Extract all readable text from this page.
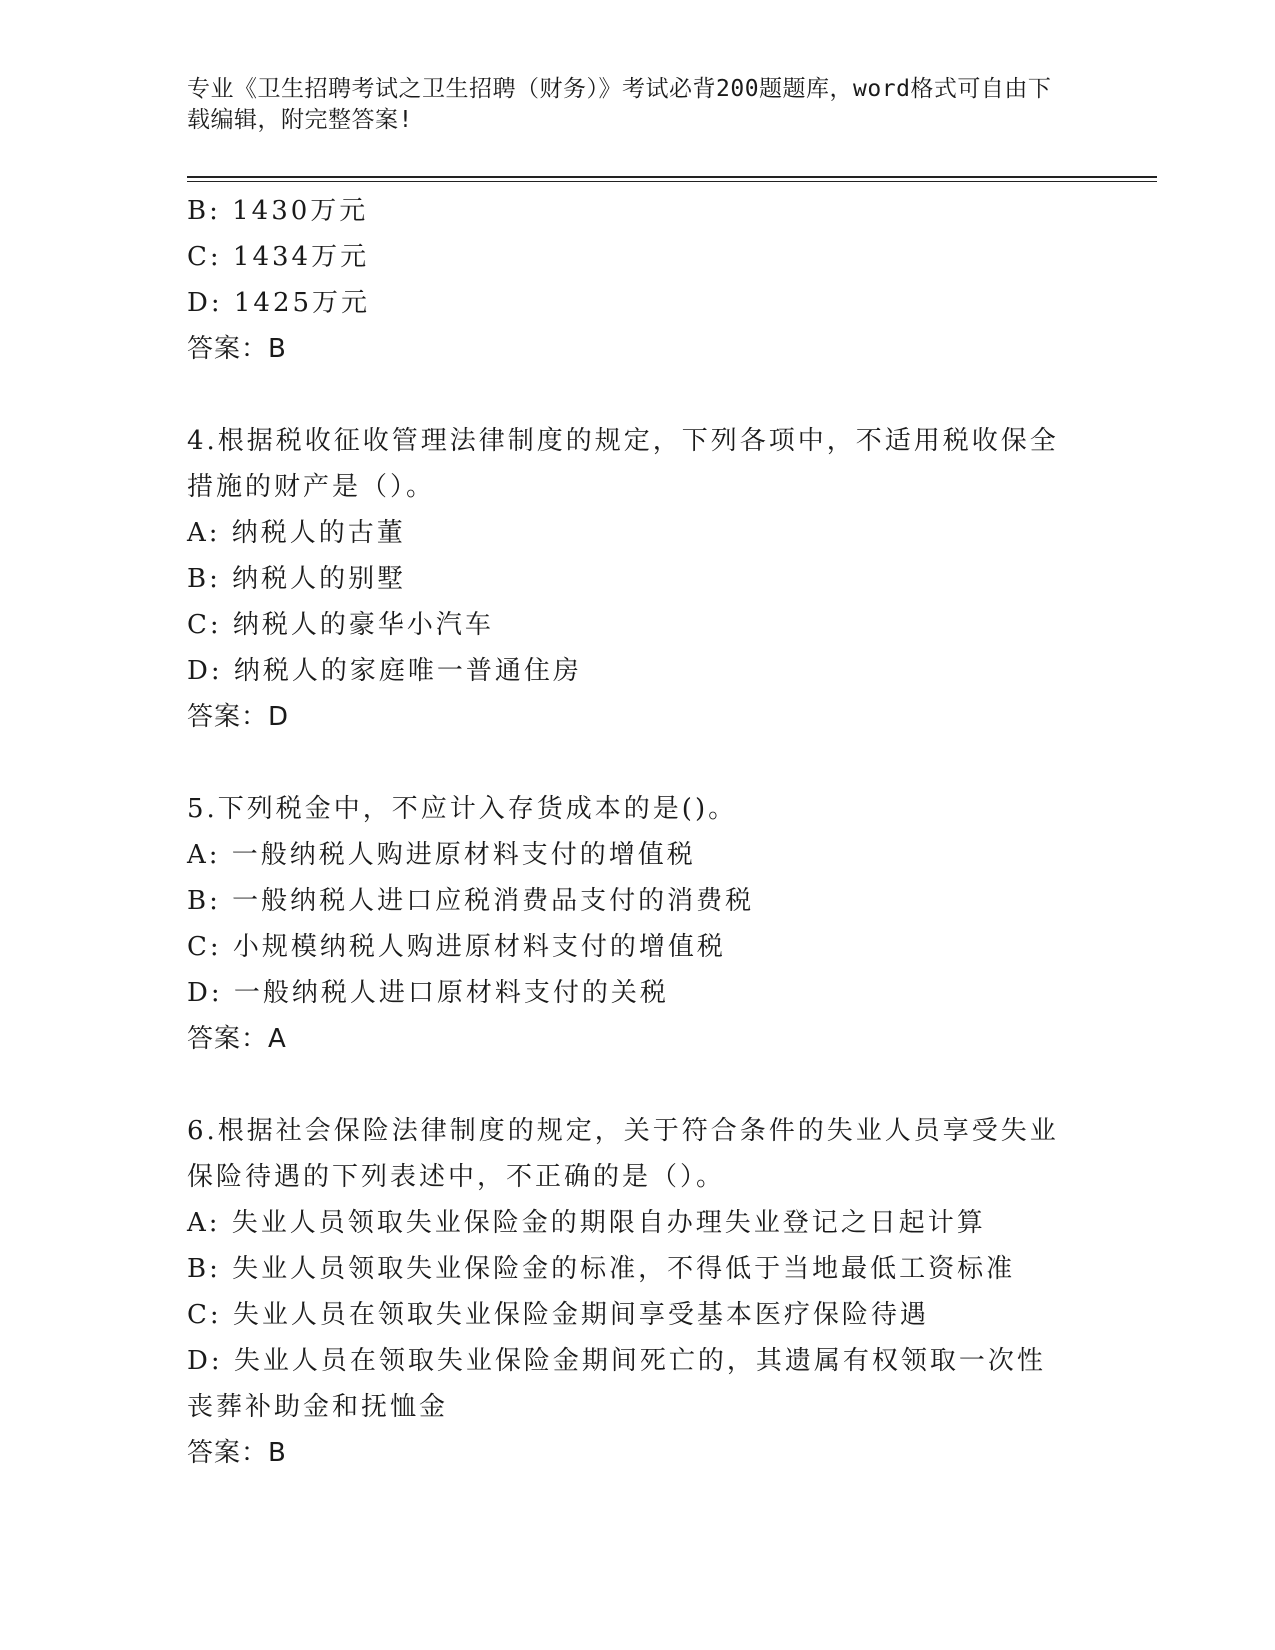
专业《卫生招聘考试之卫生招聘（财务）》考试必背200题题库，word格式可自由下载编辑，附完整答案!
B: 1430万元
C: 1434万元
D: 1425万元
答案：B
4.根据税收征收管理法律制度的规定，下列各项中，不适用税收保全措施的财产是（）。
A: 纳税人的古董
B: 纳税人的别墅
C: 纳税人的豪华小汽车
D: 纳税人的家庭唯一普通住房
答案：D
5.下列税金中，不应计入存货成本的是()。
A: 一般纳税人购进原材料支付的增值税
B: 一般纳税人进口应税消费品支付的消费税
C: 小规模纳税人购进原材料支付的增值税
D: 一般纳税人进口原材料支付的关税
答案：A
6.根据社会保险法律制度的规定，关于符合条件的失业人员享受失业保险待遇的下列表述中，不正确的是（）。
A: 失业人员领取失业保险金的期限自办理失业登记之日起计算
B: 失业人员领取失业保险金的标准，不得低于当地最低工资标准
C: 失业人员在领取失业保险金期间享受基本医疗保险待遇
D: 失业人员在领取失业保险金期间死亡的，其遗属有权领取一次性丧葬补助金和抚恤金
答案：B
